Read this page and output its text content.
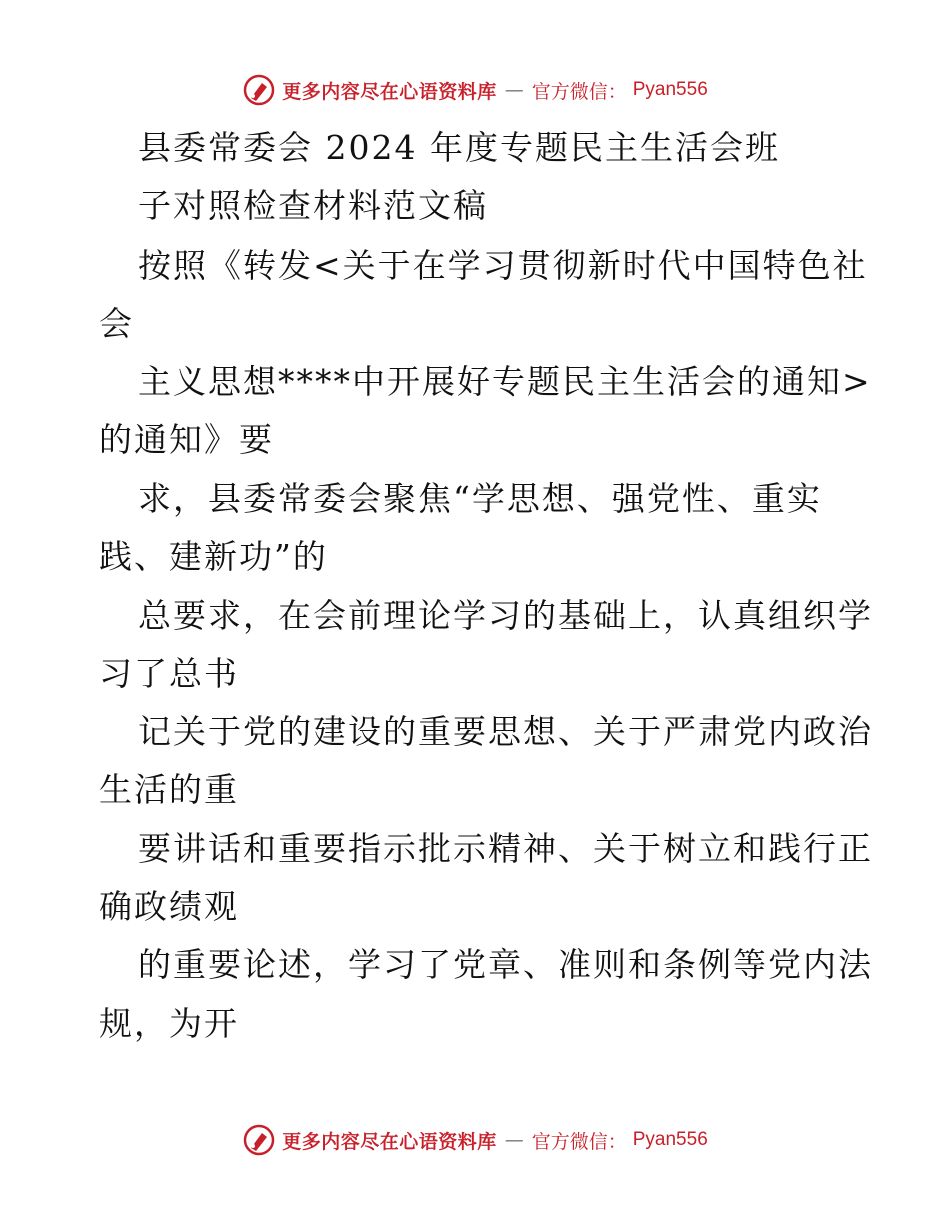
更多内容尽在心语资料库 — 官方微信： Pyan556
县委常委会 2024 年度专题民主生活会班
子对照检查材料范文稿
按照《转发<关于在学习贯彻新时代中国特色社
会
主义思想****中开展好专题民主生活会的通知>
的通知》要
求，县委常委会聚焦“学思想、强党性、重实
践、建新功”的
总要求，在会前理论学习的基础上，认真组织学
习了总书
记关于党的建设的重要思想、关于严肃党内政治
生活的重
要讲话和重要指示批示精神、关于树立和践行正
确政绩观
的重要论述，学习了党章、准则和条例等党内法
规，为开
更多内容尽在心语资料库 — 官方微信： Pyan556
